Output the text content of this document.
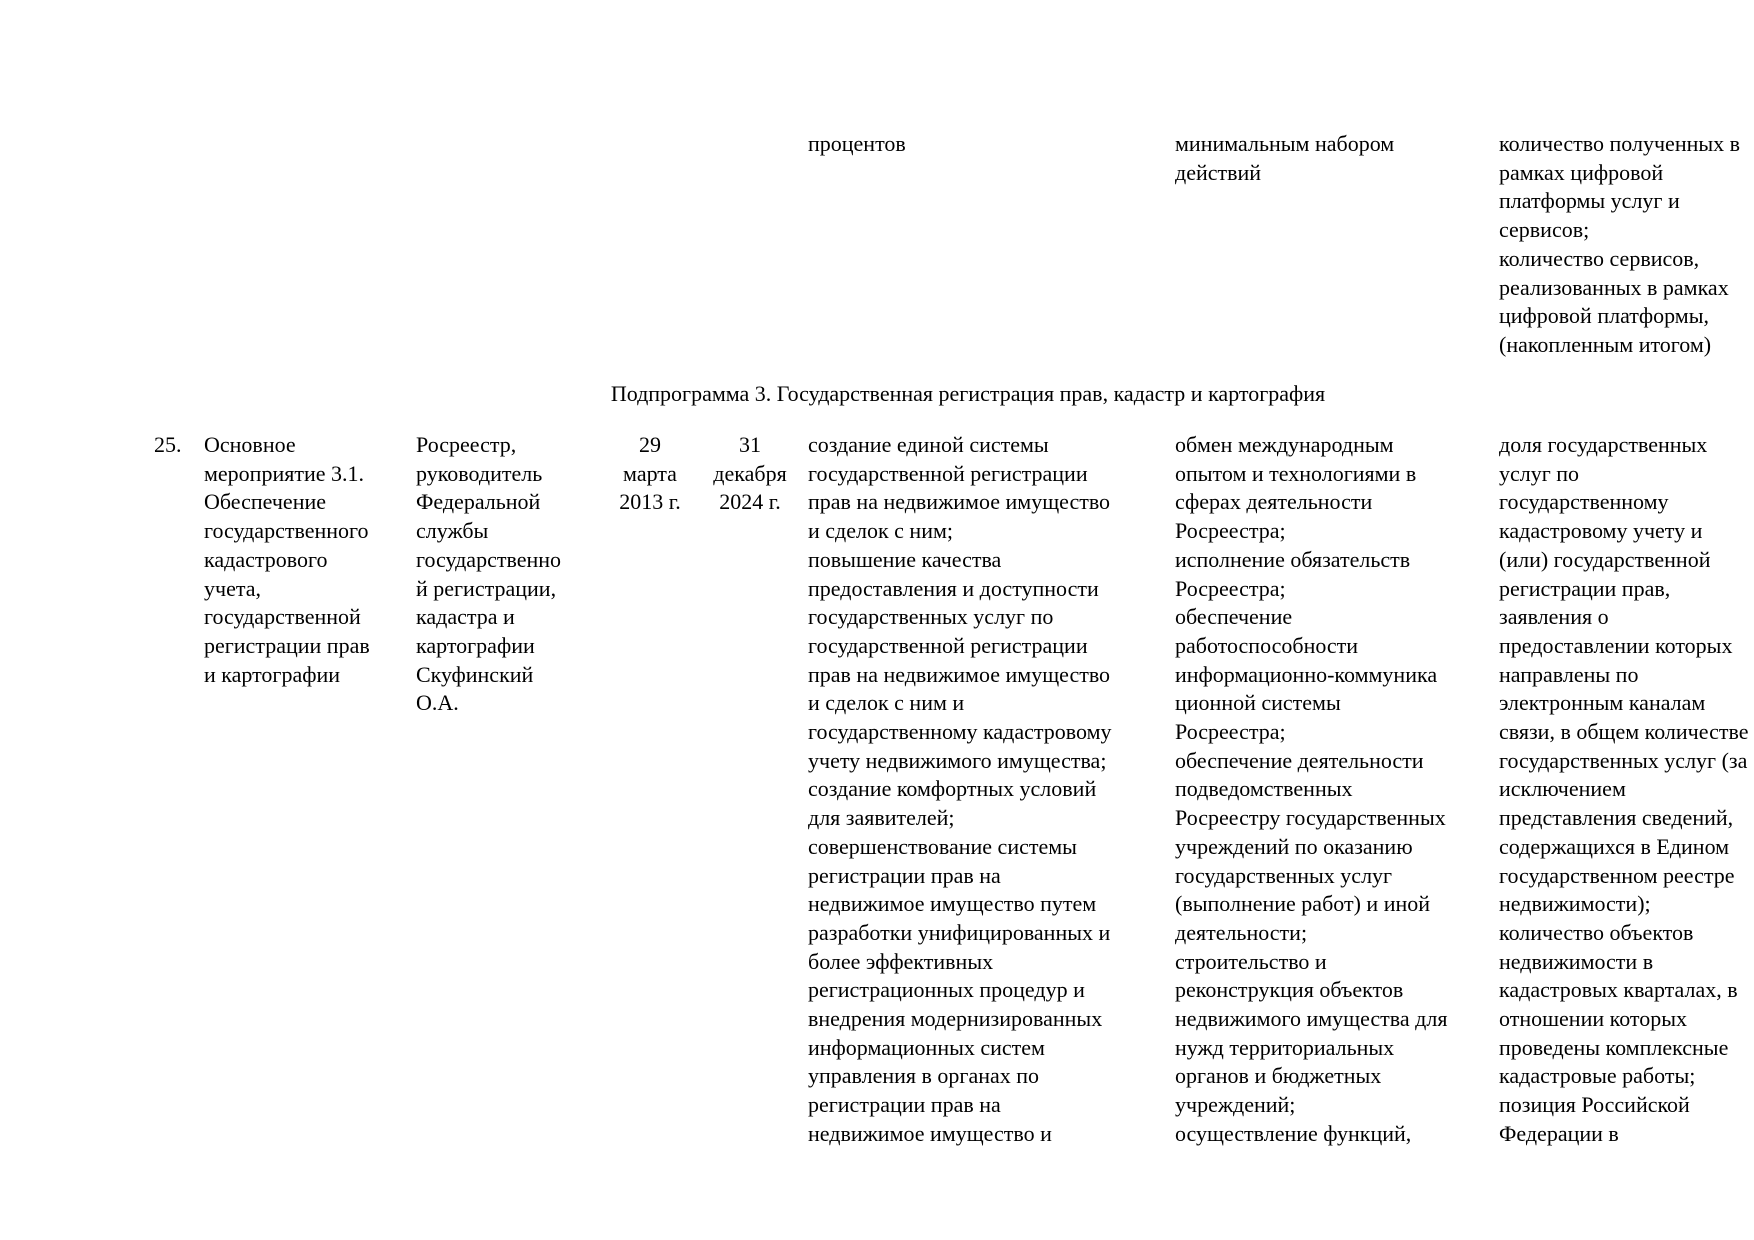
процентов	минимальным набором
действий
количество полученных в
рамках цифровой
платформы услуг и
сервисов;
количество сервисов,
реализованных в рамках
цифровой платформы,
(накопленным итогом)
Подпрограмма 3. Государственная регистрация прав, кадастр и картография
25. Основное
мероприятие 3.1.
Обеспечение
государственного
кадастрового
учета,
государственной
регистрации прав
и картографии
Росреестр,
руководитель
Федеральной
службы
государственно
й регистрации,
кадастра и
картографии
Скуфинский
О.А.
29
марта
2013 г.
31
декабря
2024 г.
создание единой системы
государственной регистрации
прав на недвижимое имущество
и сделок с ним;
повышение качества
предоставления и доступности
государственных услуг по
государственной регистрации
прав на недвижимое имущество
и сделок с ним и
государственному кадастровому
учету недвижимого имущества;
создание комфортных условий
для заявителей;
совершенствование системы
регистрации прав на
недвижимое имущество путем
разработки унифицированных и
более эффективных
регистрационных процедур и
внедрения модернизированных
информационных систем
управления в органах по
регистрации прав на
недвижимое имущество и
обмен международным
опытом и технологиями в
сферах деятельности
Росреестра;
исполнение обязательств
Росреестра;
обеспечение
работоспособности
информационно-коммуника
ционной системы
Росреестра;
обеспечение деятельности
подведомственных
Росреестру государственных
учреждений по оказанию
государственных услуг
(выполнение работ) и иной
деятельности;
строительство и
реконструкция объектов
недвижимого имущества для
нужд территориальных
органов и бюджетных
учреждений;
осуществление функций,
доля государственных
услуг по
государственному
кадастровому учету и
(или) государственной
регистрации прав,
заявления о
предоставлении которых
направлены по
электронным каналам
связи, в общем количестве
государственных услуг (за
исключением
представления сведений,
содержащихся в Едином
государственном реестре
недвижимости);
количество объектов
недвижимости в
кадастровых кварталах, в
отношении которых
проведены комплексные
кадастровые работы;
позиция Российской
Федерации в
